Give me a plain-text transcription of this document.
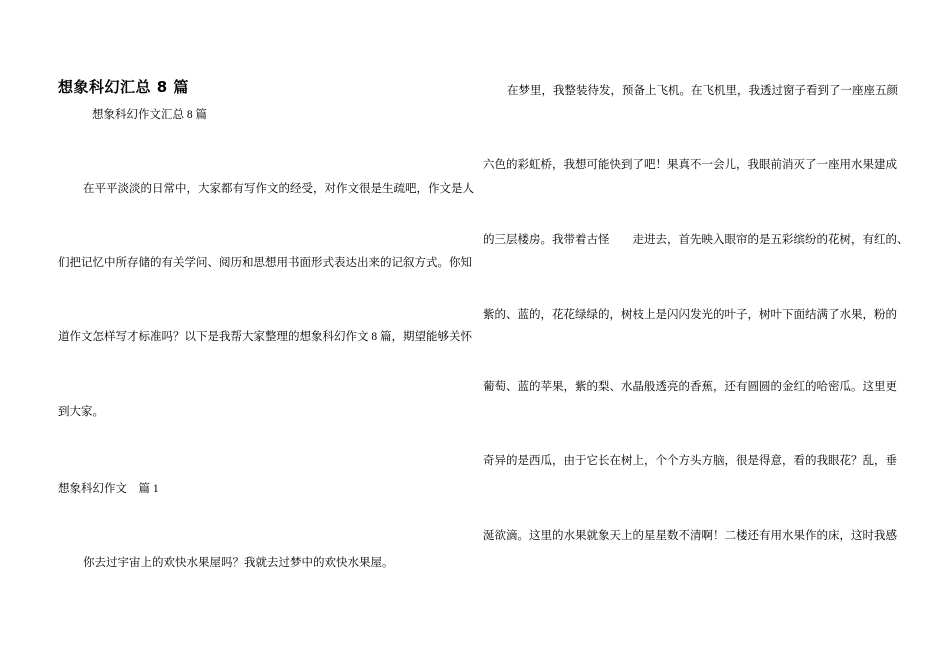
想象科幻汇总 8 篇
想象科幻作文汇总 8 篇
在平平淡淡的日常中，大家都有写作文的经受，对作文很是生疏吧，作文是人
们把记忆中所存储的有关学问、阅历和思想用书面形式表达出来的记叙方式。你知
道作文怎样写才标准吗？以下是我帮大家整理的想象科幻作文 8 篇，期望能够关怀
到大家。
想象科幻作文　篇 1
你去过宇宙上的欢快水果屋吗？我就去过梦中的欢快水果屋。
在梦里，我整装待发，预备上飞机。在飞机里，我透过窗子看到了一座座五颜
六色的彩虹桥，我想可能快到了吧！果真不一会儿，我眼前消灭了一座用水果建成
的三层楼房。我带着古怪　　走进去，首先映入眼帘的是五彩缤纷的花树，有红的、
紫的、蓝的，花花绿绿的，树枝上是闪闪发光的叶子，树叶下面结满了水果，粉的
葡萄、蓝的苹果，紫的梨、水晶般透亮的香蕉，还有圆圆的金红的哈密瓜。这里更
奇异的是西瓜，由于它长在树上，个个方头方脑，很是得意，看的我眼花？乱，垂
涎欲滴。这里的水果就象天上的星星数不清啊！二楼还有用水果作的床，这时我感
